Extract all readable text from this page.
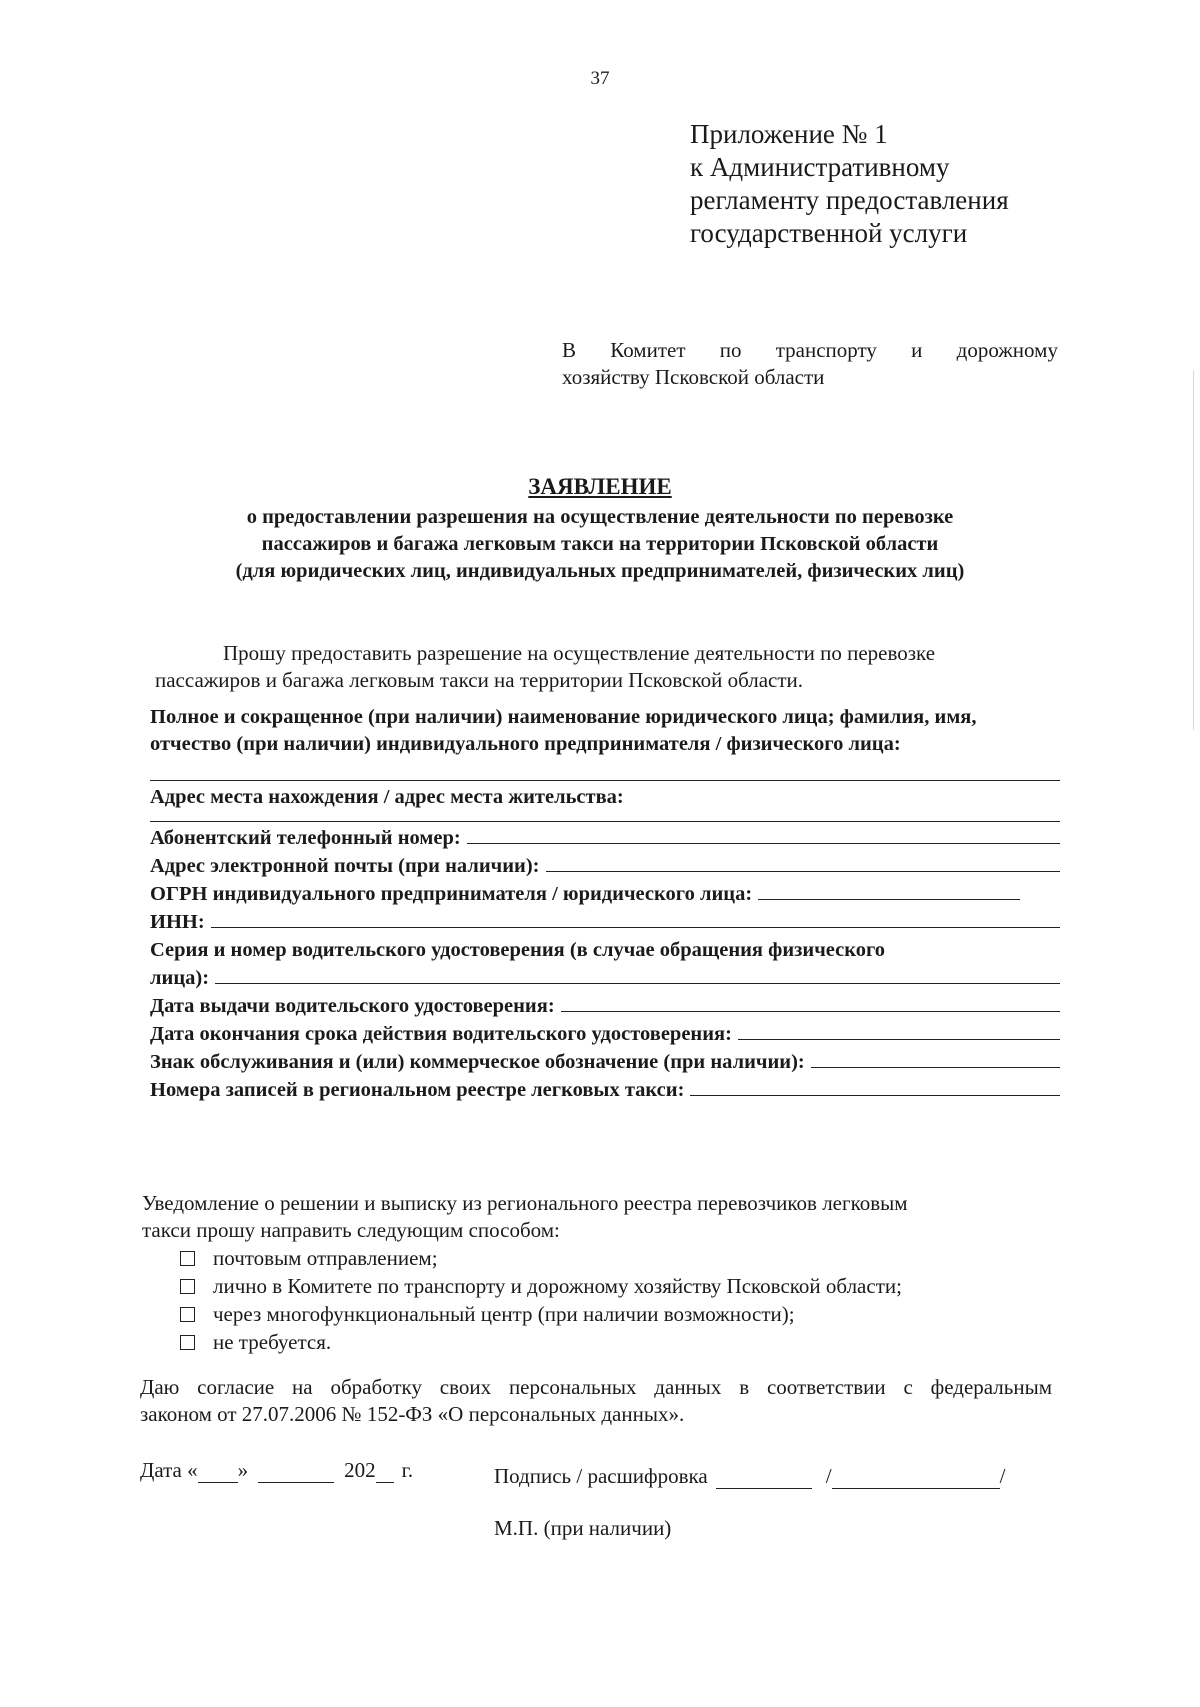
37
Приложение № 1
к Административному
регламенту предоставления
государственной услуги
В Комитет по транспорту и дорожному
хозяйству Псковской области
ЗАЯВЛЕНИЕ
о предоставлении разрешения на осуществление деятельности по перевозке
пассажиров и багажа легковым такси на территории Псковской области
(для юридических лиц, индивидуальных предпринимателей, физических лиц)
Прошу предоставить разрешение на осуществление деятельности по перевозке
пассажиров и багажа легковым такси на территории Псковской области.
Полное и сокращенное (при наличии) наименование юридического лица; фамилия, имя, отчество (при наличии) индивидуального предпринимателя / физического лица:
Адрес места нахождения / адрес места жительства:
Абонентский телефонный номер:
Адрес электронной почты (при наличии):
ОГРН индивидуального предпринимателя / юридического лица:
ИНН:
Серия и номер водительского удостоверения (в случае обращения физического
лица):
Дата выдачи водительского удостоверения:
Дата окончания срока действия водительского удостоверения:
Знак обслуживания и (или) коммерческое обозначение (при наличии):
Номера записей в региональном реестре легковых такси:
Уведомление о решении и выписку из регионального реестра перевозчиков легковым
такси прошу направить следующим способом:
почтовым отправлением;
лично в Комитете по транспорту и дорожному хозяйству Псковской области;
через многофункциональный центр (при наличии возможности);
не требуется.
Даю согласие на обработку своих персональных данных в соответствии с федеральным
законом от 27.07.2006 № 152-ФЗ «О персональных данных».
Дата « »	202 г.	Подпись / расшифровка	/	/
М.П. (при наличии)
